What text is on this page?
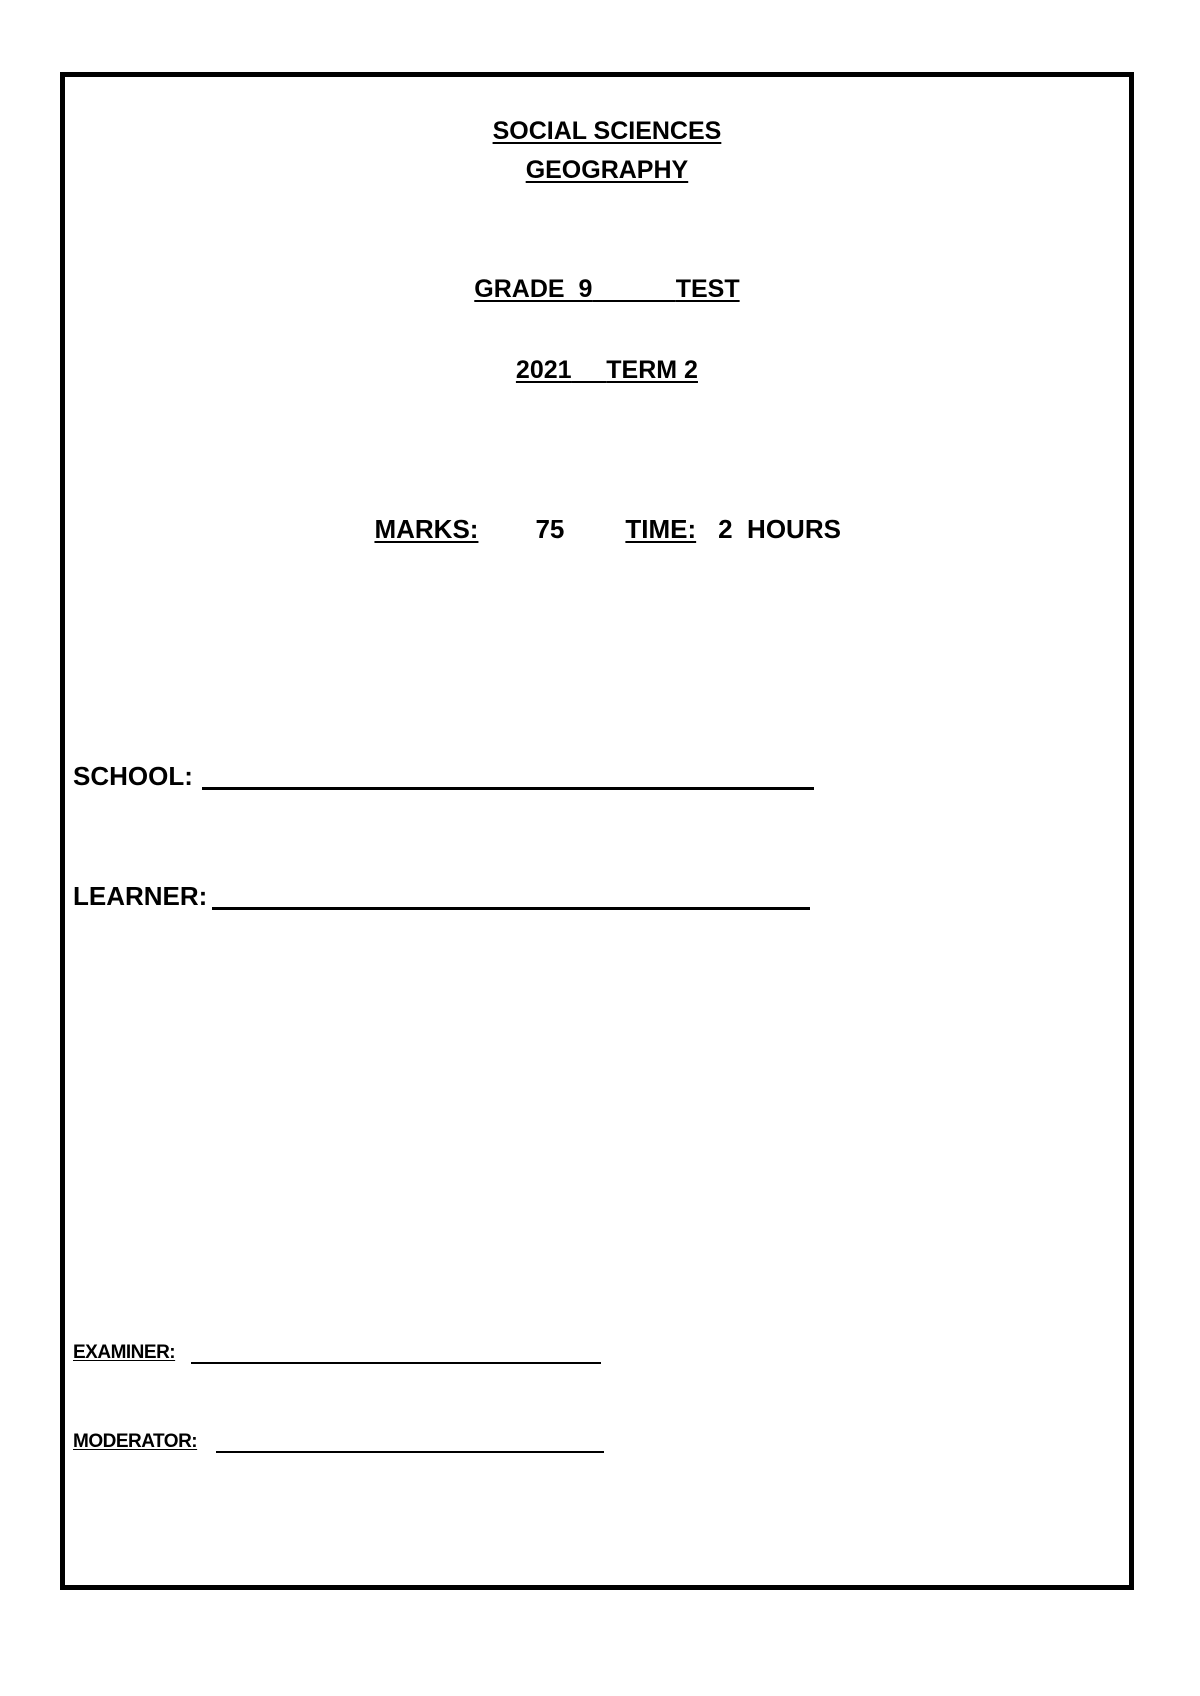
SOCIAL SCIENCES

GEOGRAPHY

GRADE  9	TEST

2021 TERM 2

MARKS: 75 TIME: 2  HOURS

SCHOOL:
LEARNER:
EXAMINER:
MODERATOR:
